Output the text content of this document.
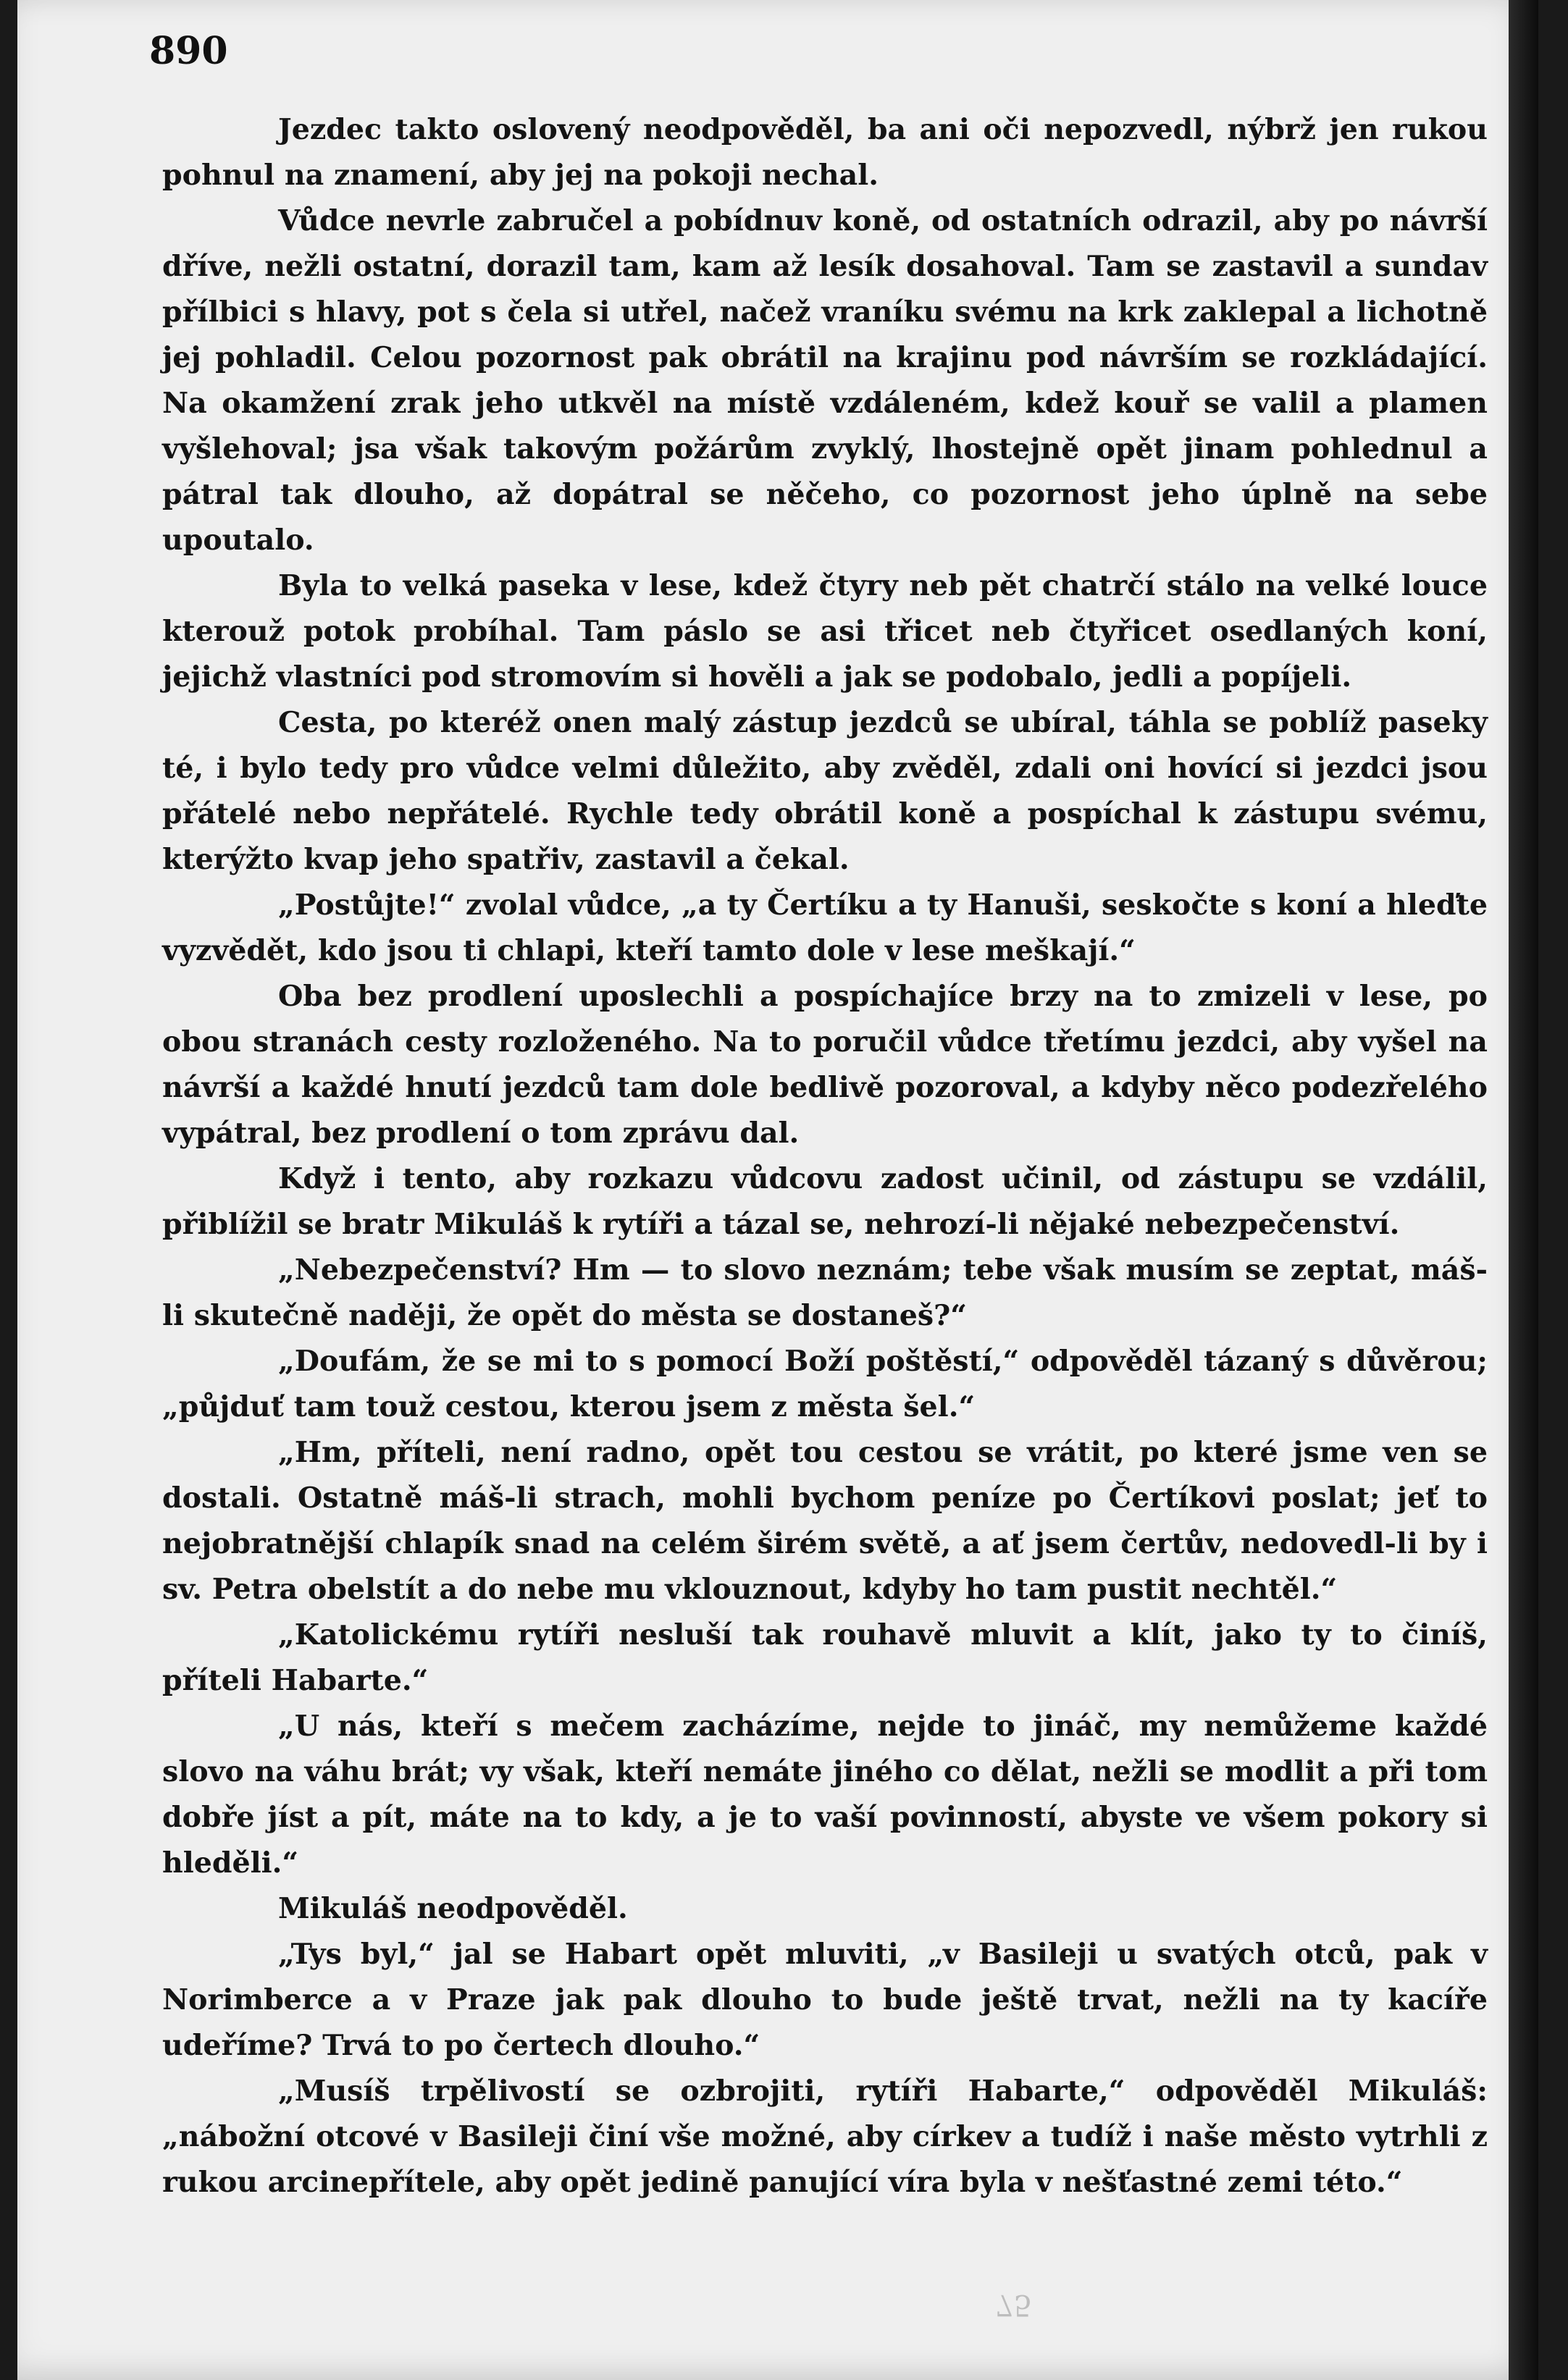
890

Jezdec takto oslovený neodpověděl, ba ani oči nepozvedl, nýbrž jen rukou pohnul na znamení, aby jej na pokoji nechal.

Vůdce nevrle zabručel a pobídnuv koně, od ostatních odrazil, aby po návrší dříve, nežli ostatní, dorazil tam, kam až lesík dosahoval. Tam se zastavil a sundav přílbici s hlavy, pot s čela si utřel, načež vraníku svému na krk zaklepal a lichotně jej pohladil. Celou pozornost pak obrátil na krajinu pod návrším se rozkládající. Na okamžení zrak jeho utkvěl na místě vzdáleném, kdež kouř se valil a plamen vyšlehoval; jsa však takovým požárům zvyklý, lhostejně opět jinam pohlednul a pátral tak dlouho, až dopátral se něčeho, co pozornost jeho úplně na sebe upoutalo.

Byla to velká paseka v lese, kdež čtyry neb pět chatrčí stálo na velké louce kterouž potok probíhal. Tam páslo se asi třicet neb čtyřicet osedlaných koní, jejichž vlastníci pod stromovím si hověli a jak se podobalo, jedli a popíjeli.

Cesta, po kteréž onen malý zástup jezdců se ubíral, táhla se poblíž paseky té, i bylo tedy pro vůdce velmi důležito, aby zvěděl, zdali oni hovící si jezdci jsou přátelé nebo nepřátelé. Rychle tedy obrátil koně a pospíchal k zástupu svému, kterýžto kvap jeho spatřiv, zastavil a čekal.

„Postůjte!“ zvolal vůdce, „a ty Čertíku a ty Hanuši, seskočte s koní a hleďte vyzvědět, kdo jsou ti chlapi, kteří tamto dole v lese meškají.“

Oba bez prodlení uposlechli a pospíchajíce brzy na to zmizeli v lese, po obou stranách cesty rozloženého. Na to poručil vůdce třetímu jezdci, aby vyšel na návrší a každé hnutí jezdců tam dole bedlivě pozoroval, a kdyby něco podezřelého vypátral, bez prodlení o tom zprávu dal.

Když i tento, aby rozkazu vůdcovu zadost učinil, od zástupu se vzdálil, přiblížil se bratr Mikuláš k rytíři a tázal se, nehrozí-li nějaké nebezpečenství.

„Nebezpečenství? Hm — to slovo neznám; tebe však musím se zeptat, máš-li skutečně naději, že opět do města se dostaneš?“

„Doufám, že se mi to s pomocí Boží poštěstí,“ odpověděl tázaný s důvěrou; „půjduť tam touž cestou, kterou jsem z města šel.“

„Hm, příteli, není radno, opět tou cestou se vrátit, po které jsme ven se dostali. Ostatně máš-li strach, mohli bychom peníze po Čertíkovi poslat; jeť to nejobratnější chlapík snad na celém širém světě, a ať jsem čertův, nedovedl-li by i sv. Petra obelstít a do nebe mu vklouznout, kdyby ho tam pustit nechtěl.“

„Katolickému rytíři nesluší tak rouhavě mluvit a klít, jako ty to činíš, příteli Habarte.“

„U nás, kteří s mečem zacházíme, nejde to jináč, my nemůžeme každé slovo na váhu brát; vy však, kteří nemáte jiného co dělat, nežli se modlit a při tom dobře jíst a pít, máte na to kdy, a je to vaší povinností, abyste ve všem pokory si hleděli.“

Mikuláš neodpověděl.

„Tys byl,“ jal se Habart opět mluviti, „v Basileji u svatých otců, pak v Norimberce a v Praze jak pak dlouho to bude ještě trvat, nežli na ty kacíře udeříme? Trvá to po čertech dlouho.“

„Musíš trpělivostí se ozbrojiti, rytíři Habarte,“ odpověděl Mikuláš: „nábožní otcové v Basileji činí vše možné, aby církev a tudíž i naše město vytrhli z rukou arcinepřítele, aby opět jedině panující víra byla v nešťastné zemi této.“

75
